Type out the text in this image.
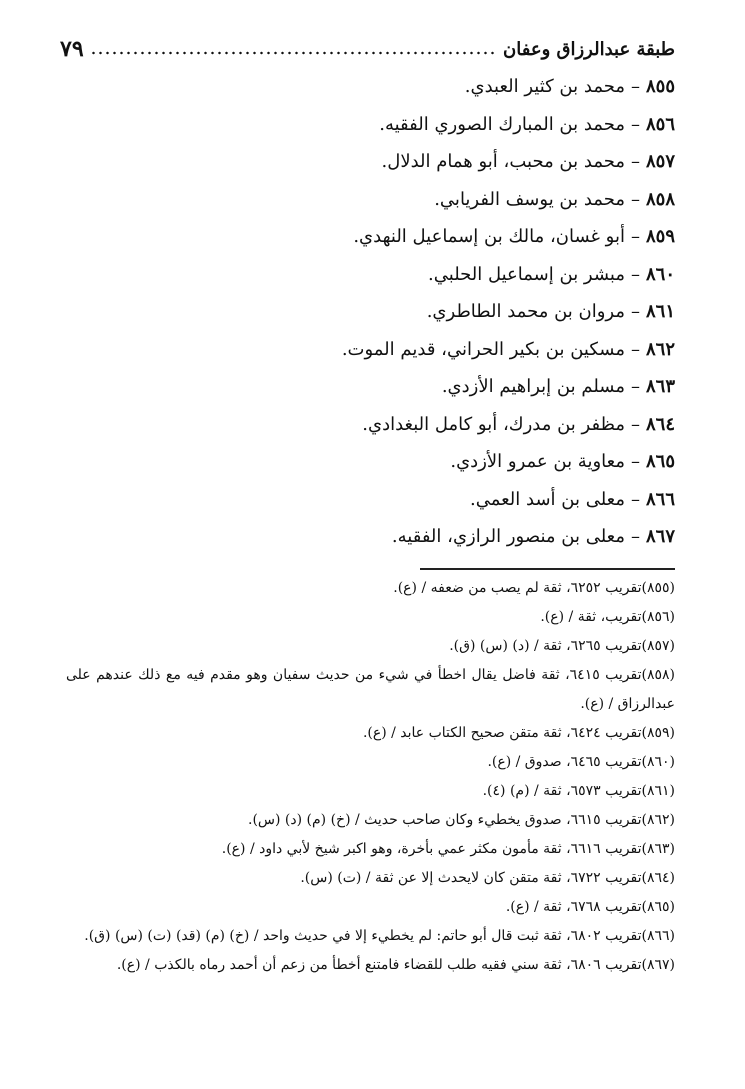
٧٩	طبقة عبدالرزاق وعفان
٨٥٥–محمد بن كثير العبدي.
٨٥٦–محمد بن المبارك الصوري الفقيه.
٨٥٧–محمد بن محبب، أبو همام الدلال.
٨٥٨–محمد بن يوسف الفريابي.
٨٥٩–أبو غسان، مالك بن إسماعيل النهدي.
٨٦٠–مبشر بن إسماعيل الحلبي.
٨٦١–مروان بن محمد الطاطري.
٨٦٢–مسكين بن بكير الحراني، قديم الموت.
٨٦٣–مسلم بن إبراهيم الأزدي.
٨٦٤–مظفر بن مدرك، أبو كامل البغدادي.
٨٦٥–معاوية بن عمرو الأزدي.
٨٦٦–معلى بن أسد العمي.
٨٦٧–معلى بن منصور الرازي، الفقيه.

(٨٥٥)تقريب ٦٢٥٢، ثقة لم يصب من ضعفه / (ع).

(٨٥٦)تقريب، ثقة / (ع).

(٨٥٧)تقريب ٦٢٦٥، ثقة / (د) (س) (ق).

(٨٥٨)تقريب ٦٤١٥، ثقة فاضل يقال اخطأ في شيء من حديث سفيان وهو مقدم فيه مع ذلك عندهم على عبدالرزاق / (ع).

(٨٥٩)تقريب ٦٤٢٤، ثقة متقن صحيح الكتاب عابد / (ع).

(٨٦٠)تقريب ٦٤٦٥، صدوق / (ع).

(٨٦١)تقريب ٦٥٧٣، ثقة / (م) (٤).

(٨٦٢)تقريب ٦٦١٥، صدوق يخطيء وكان صاحب حديث / (خ) (م) (د) (س).

(٨٦٣)تقريب ٦٦١٦، ثقة مأمون مكثر عمي بأخرة، وهو اكبر شيخ لأبي داود / (ع).

(٨٦٤)تقريب ٦٧٢٢، ثقة متقن كان لايحدث إلا عن ثقة / (ت) (س).

(٨٦٥)تقريب ٦٧٦٨، ثقة / (ع).

(٨٦٦)تقريب ٦٨٠٢، ثقة ثبت قال أبو حاتم: لم يخطيء إلا في حديث واحد / (خ) (م) (قد) (ت) (س) (ق).

(٨٦٧)تقريب ٦٨٠٦، ثقة سني فقيه طلب للقضاء فامتنع أخطأ من زعم أن أحمد رماه بالكذب / (ع).
